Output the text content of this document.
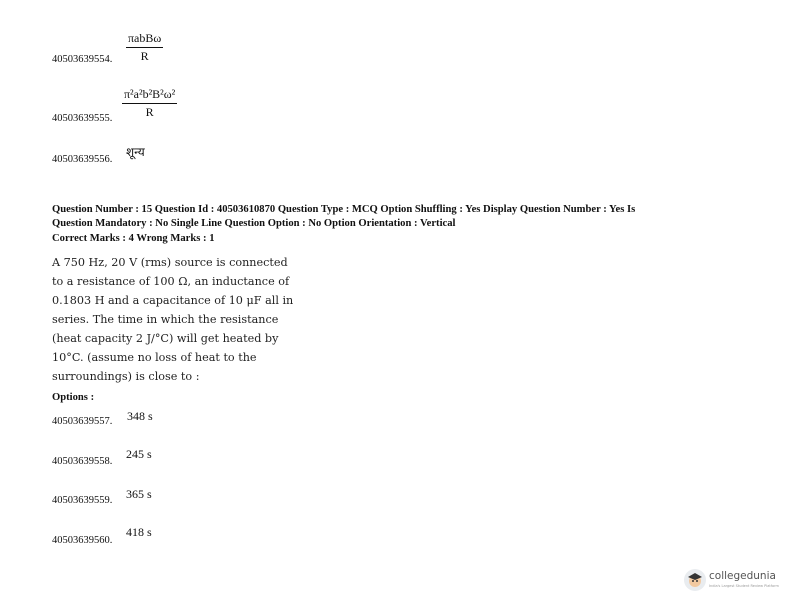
40503639554.
πabBω
R
40503639555. $\frac{\text{π²a²b²B²ω²}}{R}$
40503639556.
शून्य
Question Number : 15 Question Id : 40503610870 Question Type : MCQ Option Shuffling : Yes Display Question Number : Yes Is
Question Mandatory : No Single Line Question Option : No Option Orientation : Vertical
Correct Marks : 4 Wrong Marks : 1
A 750 Hz, 20 V (rms) source is connected
to a resistance of 100 Ω, an inductance of
0.1803 H and a capacitance of 10 μF all in
series. The time in which the resistance
(heat capacity 2 J/°C) will get heated by
10°C. (assume no loss of heat to the
surroundings) is close to :
Options :
40503639557. 348 s
40503639558.
245 s
40503639559. 365 s
40503639560.
418 s
collegedunia
India's Largest Student Review Platform
